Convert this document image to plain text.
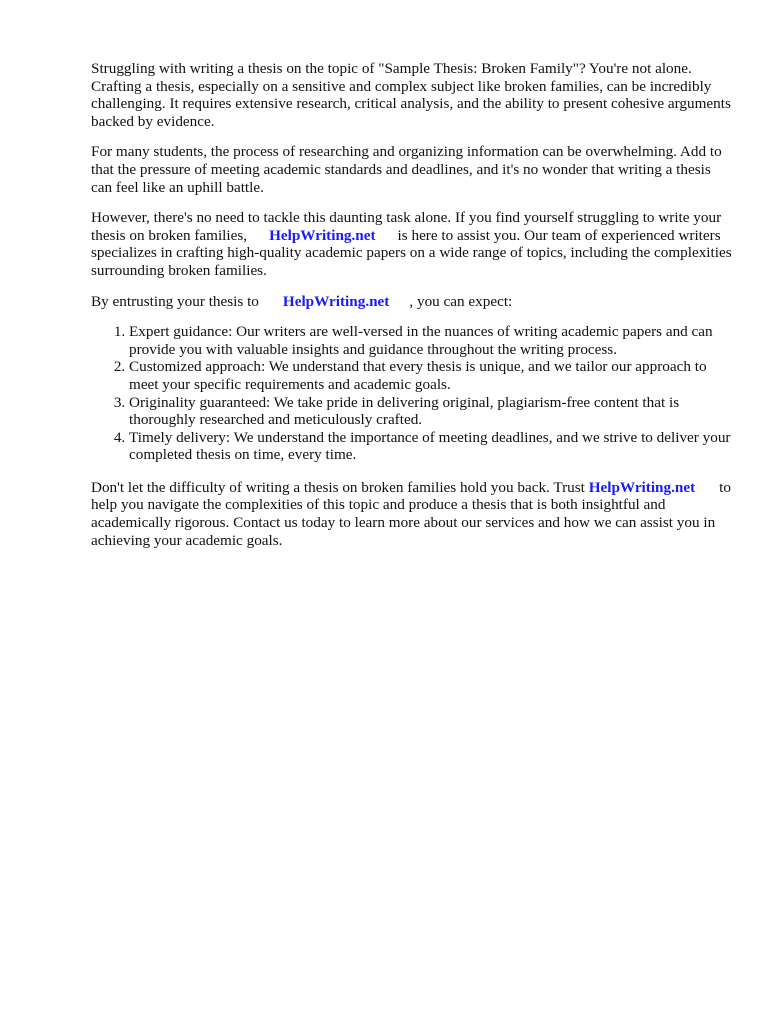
Struggling with writing a thesis on the topic of "Sample Thesis: Broken Family"? You're not alone. Crafting a thesis, especially on a sensitive and complex subject like broken families, can be incredibly challenging. It requires extensive research, critical analysis, and the ability to present cohesive arguments backed by evidence.

For many students, the process of researching and organizing information can be overwhelming. Add to that the pressure of meeting academic standards and deadlines, and it's no wonder that writing a thesis can feel like an uphill battle.

However, there's no need to tackle this daunting task alone. If you find yourself struggling to write your thesis on broken families, HelpWriting.net is here to assist you. Our team of experienced writers specializes in crafting high-quality academic papers on a wide range of topics, including the complexities surrounding broken families.

By entrusting your thesis to HelpWriting.net , you can expect:

1. Expert guidance: Our writers are well-versed in the nuances of writing academic papers and can provide you with valuable insights and guidance throughout the writing process.
2. Customized approach: We understand that every thesis is unique, and we tailor our approach to meet your specific requirements and academic goals.
3. Originality guaranteed: We take pride in delivering original, plagiarism-free content that is thoroughly researched and meticulously crafted.
4. Timely delivery: We understand the importance of meeting deadlines, and we strive to deliver your completed thesis on time, every time.

Don't let the difficulty of writing a thesis on broken families hold you back. Trust HelpWriting.net to help you navigate the complexities of this topic and produce a thesis that is both insightful and academically rigorous. Contact us today to learn more about our services and how we can assist you in achieving your academic goals.
